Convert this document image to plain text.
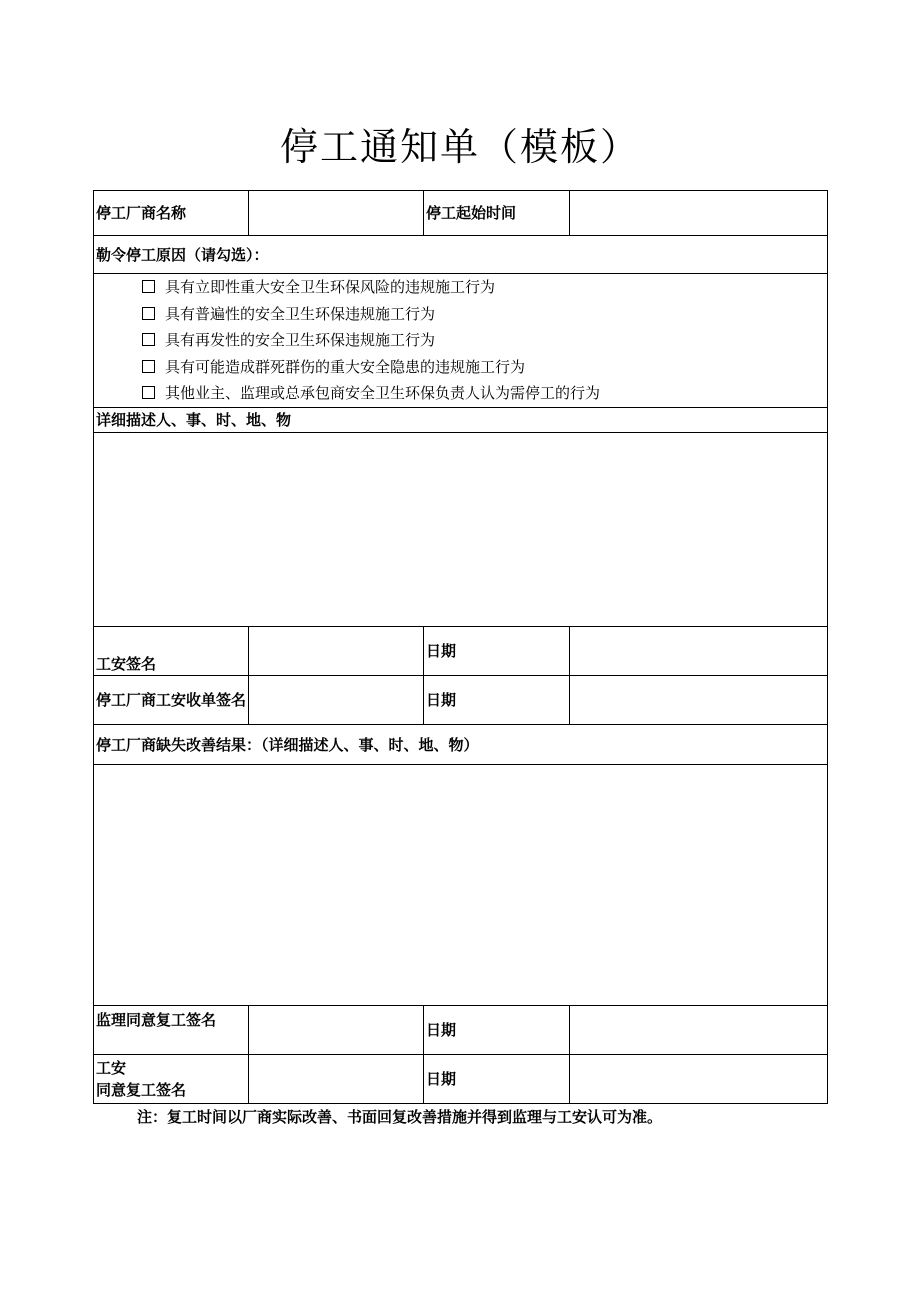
停工通知单（模板）
停工厂商名称		停工起始时间	
勒令停工原因（请勾选）：			

具有立即性重大安全卫生环保风险的违规施工行为
具有普遍性的安全卫生环保违规施工行为
具有再发性的安全卫生环保违规施工行为
具有可能造成群死群伤的重大安全隐患的违规施工行为
其他业主、监理或总承包商安全卫生环保负责人认为需停工的行为			

详细描述人、事、时、地、物			

工安签名		日期	
停工厂商工安收单签名		日期	
停工厂商缺失改善结果：（详细描述人、事、时、地、物）			

监理同意复工签名		日期	

工安
同意复工签名		日期	
注：复工时间以厂商实际改善、书面回复改善措施并得到监理与工安认可为准。
